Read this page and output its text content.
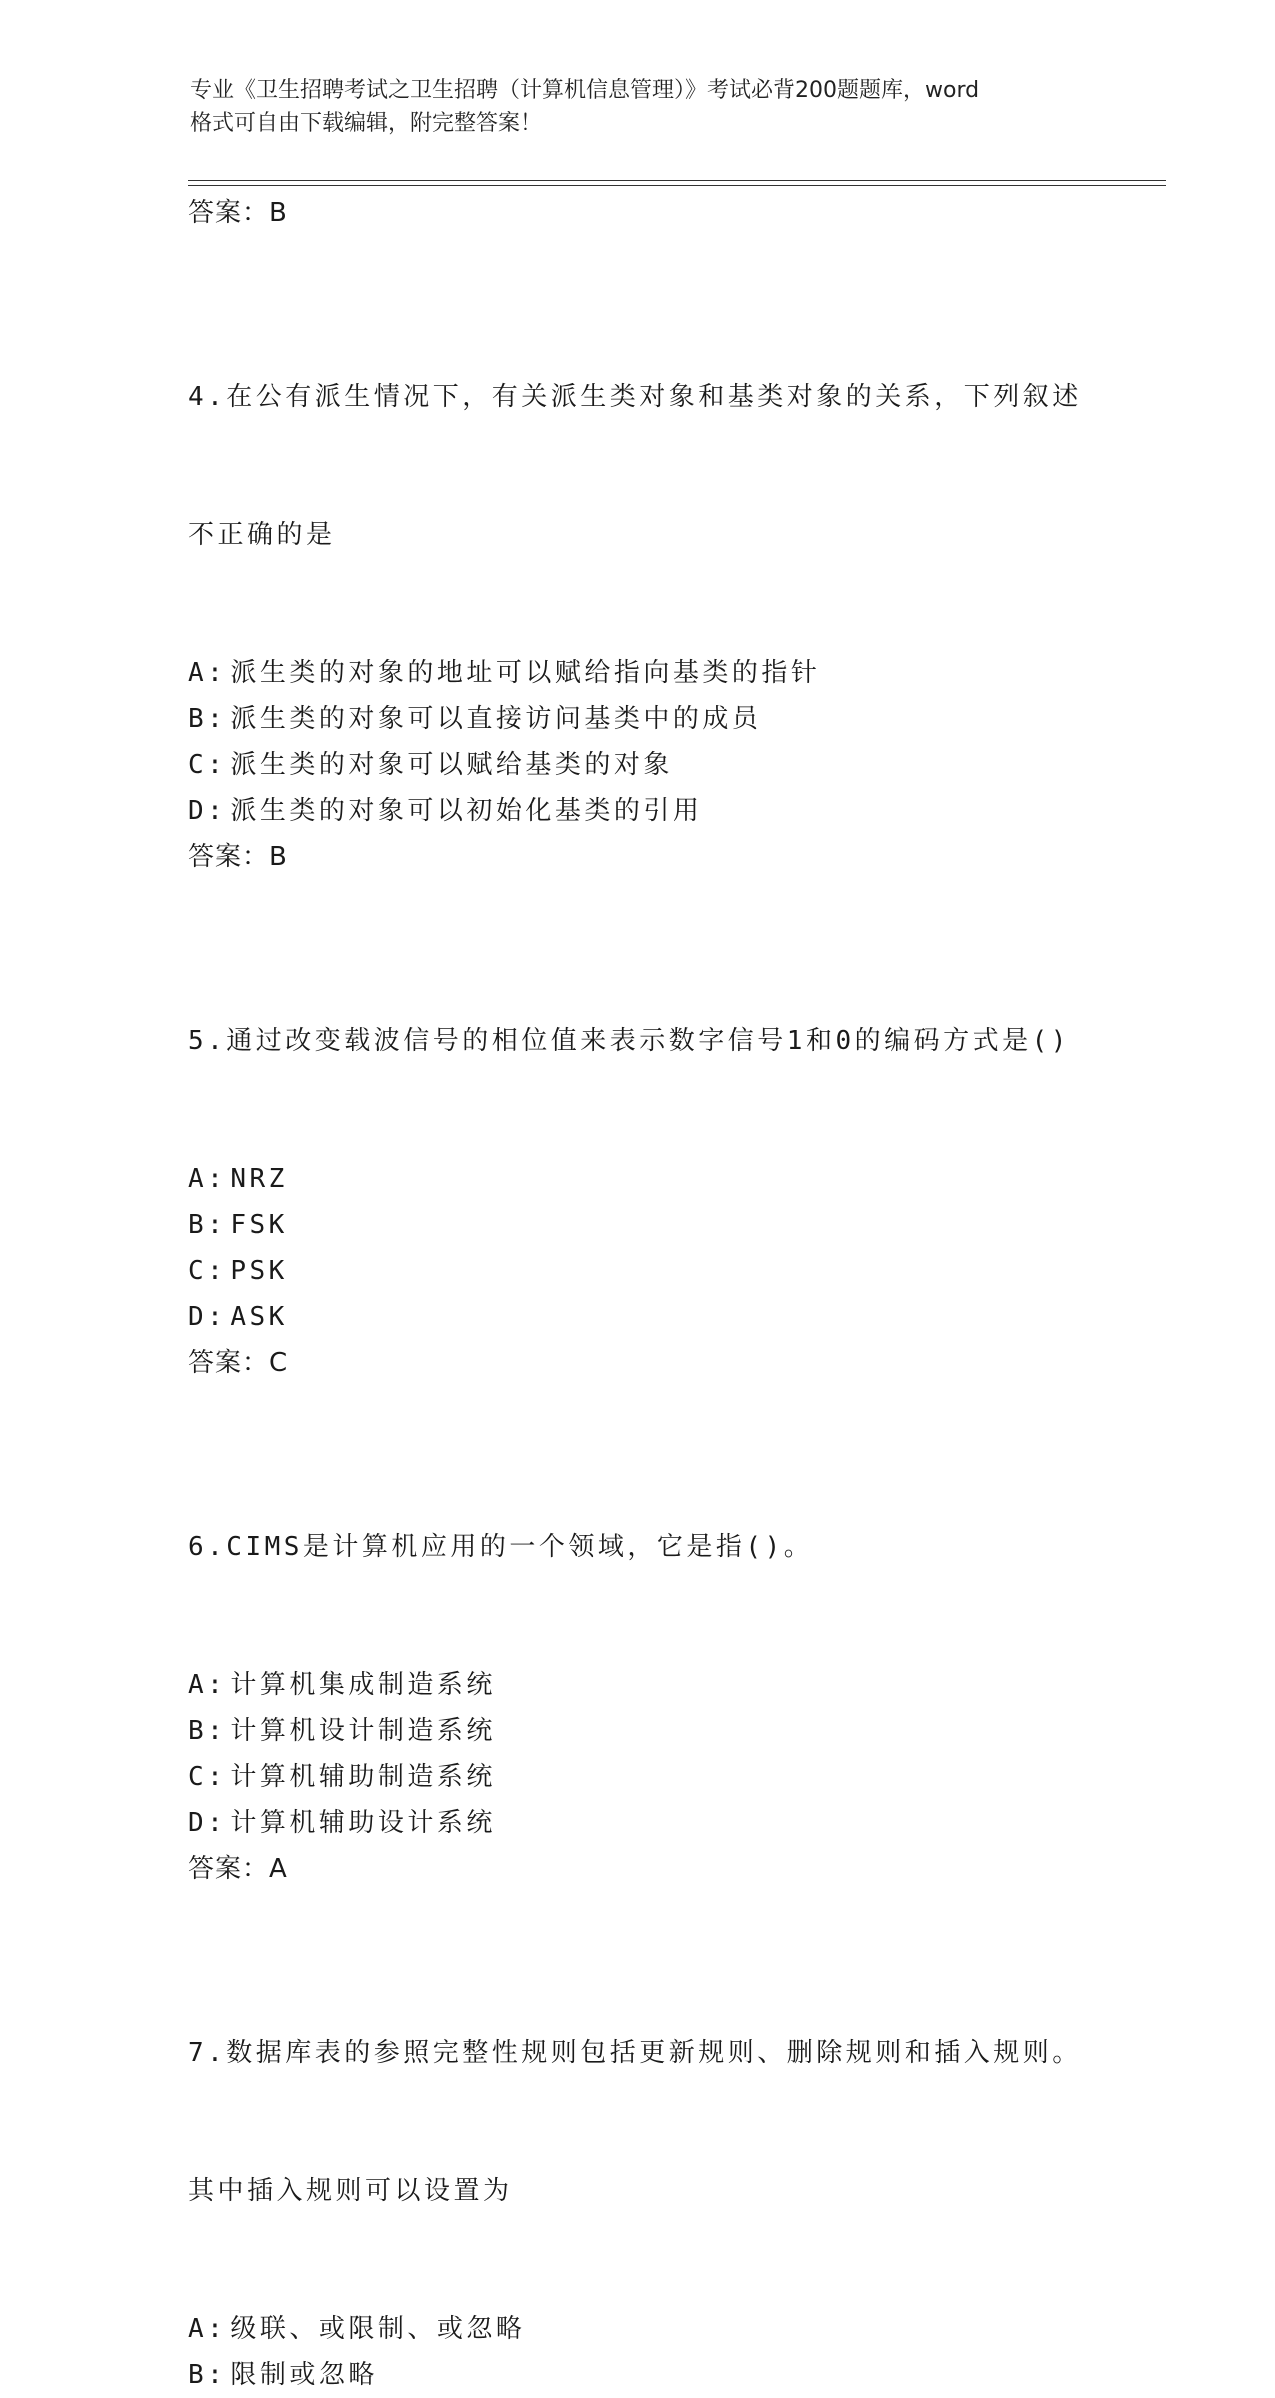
专业《卫生招聘考试之卫生招聘（计算机信息管理）》考试必背200题题库，word
格式可自由下载编辑，附完整答案！
答案：B

4.在公有派生情况下，有关派生类对象和基类对象的关系，下列叙述

不正确的是

A: 派生类的对象的地址可以赋给指向基类的指针
B: 派生类的对象可以直接访问基类中的成员
C: 派生类的对象可以赋给基类的对象
D: 派生类的对象可以初始化基类的引用
答案：B

5.通过改变载波信号的相位值来表示数字信号1和0的编码方式是()

A: NRZ
B: FSK
C: PSK
D: ASK
答案：C

6.CIMS是计算机应用的一个领域，它是指()。

A: 计算机集成制造系统
B: 计算机设计制造系统
C: 计算机辅助制造系统
D: 计算机辅助设计系统
答案：A

7.数据库表的参照完整性规则包括更新规则、删除规则和插入规则。

其中插入规则可以设置为

A: 级联、或限制、或忽略
B: 限制或忽略
